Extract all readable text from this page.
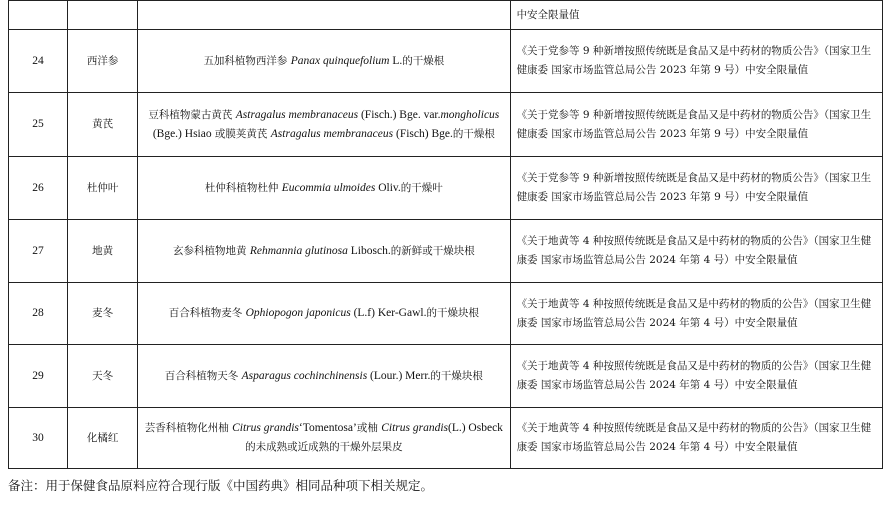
			中安全限量值
24	西洋参	五加科植物西洋参 Panax quinquefolium L.的干燥根	《关于党参等 9 种新增按照传统既是食品又是中药材的物质公告》（国家卫生健康委 国家市场监管总局公告 2023 年第 9 号）中安全限量值
25	黄芪	豆科植物蒙古黄芪 Astragalus membranaceus (Fisch.) Bge. var.mongholicus (Bge.) Hsiao 或膜荚黄芪 Astragalus membranaceus (Fisch) Bge.的干燥根	《关于党参等 9 种新增按照传统既是食品又是中药材的物质公告》（国家卫生健康委 国家市场监管总局公告 2023 年第 9 号）中安全限量值
26	杜仲叶	杜仲科植物杜仲 Eucommia ulmoides Oliv.的干燥叶	《关于党参等 9 种新增按照传统既是食品又是中药材的物质公告》（国家卫生健康委 国家市场监管总局公告 2023 年第 9 号）中安全限量值
27	地黄	玄参科植物地黄 Rehmannia glutinosa Libosch.的新鲜或干燥块根	《关于地黄等 4 种按照传统既是食品又是中药材的物质的公告》（国家卫生健康委 国家市场监管总局公告 2024 年第 4 号）中安全限量值
28	麦冬	百合科植物麦冬 Ophiopogon japonicus (L.f) Ker-Gawl.的干燥块根	《关于地黄等 4 种按照传统既是食品又是中药材的物质的公告》（国家卫生健康委 国家市场监管总局公告 2024 年第 4 号）中安全限量值
29	天冬	百合科植物天冬 Asparagus cochinchinensis (Lour.) Merr.的干燥块根	《关于地黄等 4 种按照传统既是食品又是中药材的物质的公告》（国家卫生健康委 国家市场监管总局公告 2024 年第 4 号）中安全限量值
30	化橘红	芸香科植物化州柚 Citrus grandis‘Tomentosa’或柚 Citrus grandis(L.) Osbeck 的未成熟或近成熟的干燥外层果皮	《关于地黄等 4 种按照传统既是食品又是中药材的物质的公告》（国家卫生健康委 国家市场监管总局公告 2024 年第 4 号）中安全限量值
备注：用于保健食品原料应符合现行版《中国药典》相同品种项下相关规定。
